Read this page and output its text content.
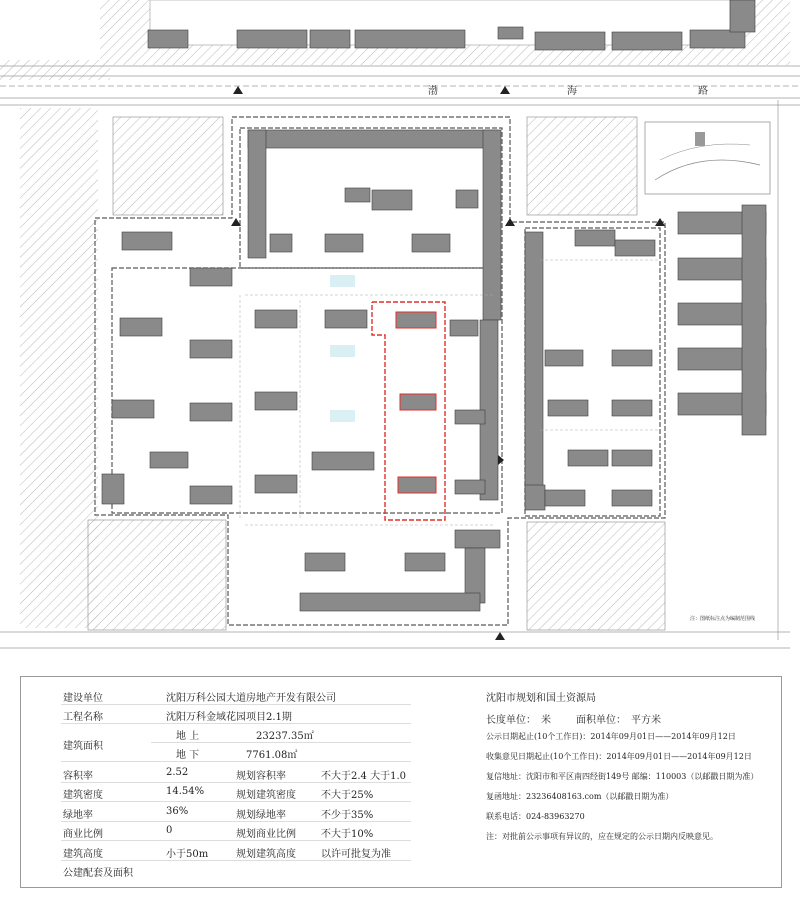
渤	海	路
注：图纸标注点为编制范围线
建设单位	沈阳万科公园大道房地产开发有限公司
工程名称	沈阳万科金域花园项目2.1期
建筑面积
地 上	23237.35㎡
地 下	7761.08㎡
容积率	2.52	规划容积率	不大于2.4 大于1.0
建筑密度	14.54%	规划建筑密度	不大于25%
绿地率	36%	规划绿地率	不少于35%
商业比例	0	规划商业比例	不大于10%
建筑高度	小于50m	规划建筑高度	以许可批复为准
公建配套及面积
沈阳市规划和国土资源局
长度单位： 米	面积单位： 平方米
公示日期起止(10个工作日)：2014年09月01日——2014年09月12日
收集意见日期起止(10个工作日)：2014年09月01日——2014年09月12日
复信地址：沈阳市和平区南四经街149号 邮编：110003（以邮戳日期为准）
复函地址：23236408163.com（以邮戳日期为准）
联系电话：024-83963270
注：对批前公示事项有异议的，应在规定的公示日期内反映意见。
